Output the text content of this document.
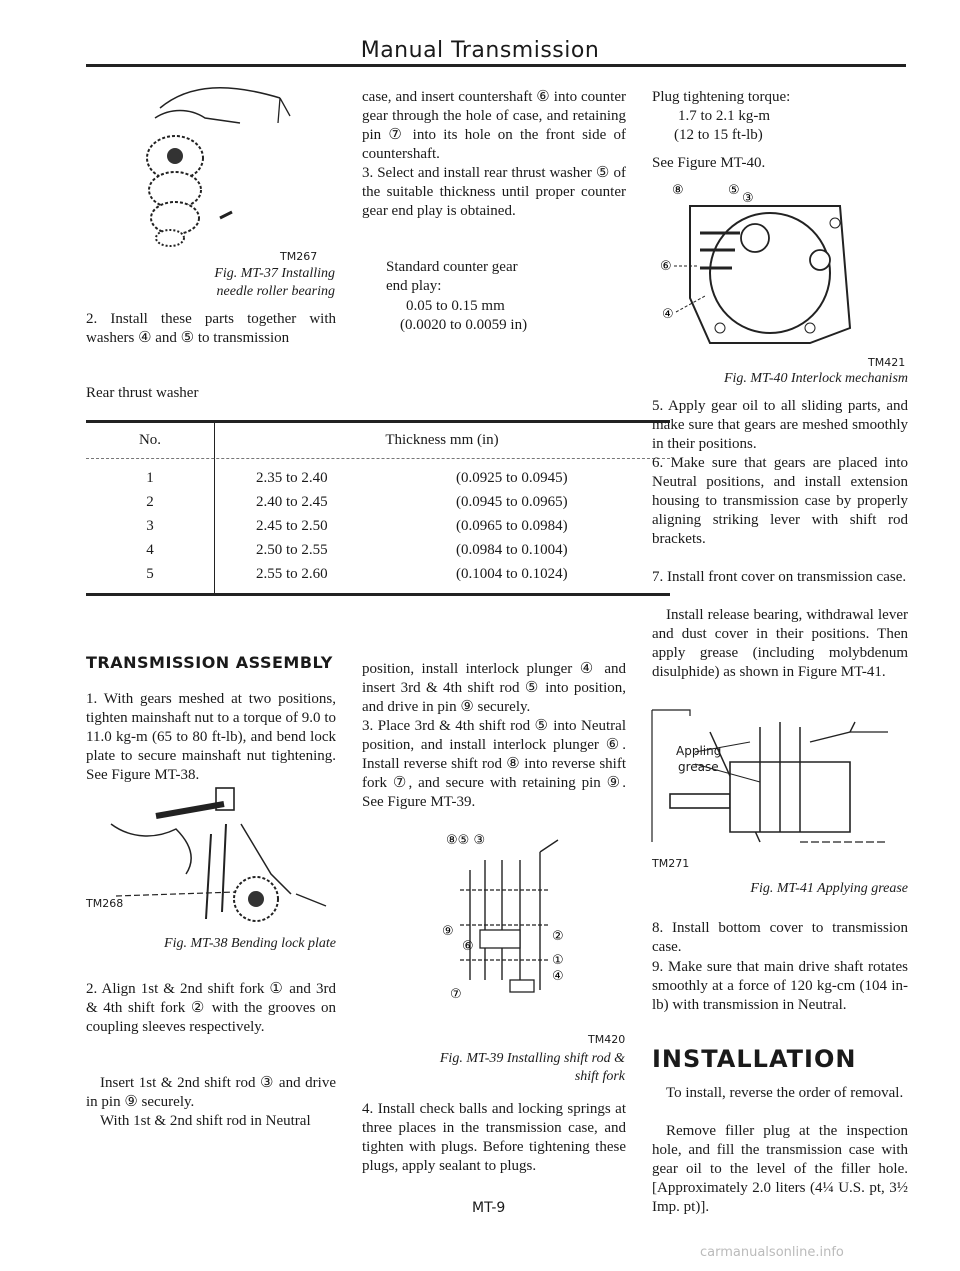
Manual Transmission
TM267
Fig. MT-37 Installing needle roller bearing

2. Install these parts together with washers ④ and ⑤ to transmission

Rear thrust washer

No.	Thickness mm (in)
1	2.35 to 2.40	(0.0925 to 0.0945)
2	2.40 to 2.45	(0.0945 to 0.0965)
3	2.45 to 2.50	(0.0965 to 0.0984)
4	2.50 to 2.55	(0.0984 to 0.1004)
5	2.55 to 2.60	(0.1004 to 0.1024)
TRANSMISSION ASSEMBLY

1. With gears meshed at two positions, tighten mainshaft nut to a torque of 9.0 to 11.0 kg-m (65 to 80 ft-lb), and bend lock plate to secure mainshaft nut tightening. See Figure MT-38.

TM268
Fig. MT-38 Bending lock plate

2. Align 1st & 2nd shift fork ① and 3rd & 4th shift fork ② with the grooves on coupling sleeves respectively.

Insert 1st & 2nd shift rod ③ and drive in pin ⑨ securely.

With 1st & 2nd shift rod in Neutral

case, and insert countershaft ⑥ into counter gear through the hole of case, and retaining pin ⑦ into its hole on the front side of countershaft.

3. Select and install rear thrust washer ⑤ of the suitable thickness until proper counter gear end play is obtained.

Standard counter gear end play:
0.05 to 0.15 mm
(0.0020 to 0.0059 in)

position, install interlock plunger ④ and insert 3rd & 4th shift rod ⑤ into position, and drive in pin ⑨ securely.

3. Place 3rd & 4th shift rod ⑤ into Neutral position, and install interlock plunger ⑥. Install reverse shift rod ⑧ into reverse shift fork ⑦, and secure with retaining pin ⑨. See Figure MT-39.

⑧⑤ ③
⑨
⑥
②
①
④
⑦
TM420
Fig. MT-39 Installing shift rod & shift fork

4. Install check balls and locking springs at three places in the transmission case, and tighten with plugs. Before tightening these plugs, apply sealant to plugs.

Plug tightening torque:
1.7 to 2.1 kg-m
(12 to 15 ft-lb)
See Figure MT-40.
⑧	⑤
③
⑥
④
TM421
Fig. MT-40 Interlock mechanism

5. Apply gear oil to all sliding parts, and make sure that gears are meshed smoothly in their positions.

6. Make sure that gears are placed into Neutral positions, and install extension housing to transmission case by properly aligning striking lever with shift rod brackets.

7. Install front cover on transmission case.

Install release bearing, withdrawal lever and dust cover in their positions. Then apply grease (including molybdenum disulphide) as shown in Figure MT-41.

Appling
grease
TM271
Fig. MT-41 Applying grease

8. Install bottom cover to transmission case.

9. Make sure that main drive shaft rotates smoothly at a force of 120 kg-cm (104 in-lb) with transmission in Neutral.

INSTALLATION

To install, reverse the order of removal.

Remove filler plug at the inspection hole, and fill the transmission case with gear oil to the level of the filler hole. [Approximately 2.0 liters (4¼ U.S. pt, 3½ Imp. pt)].

MT-9
carmanualsonline.info
